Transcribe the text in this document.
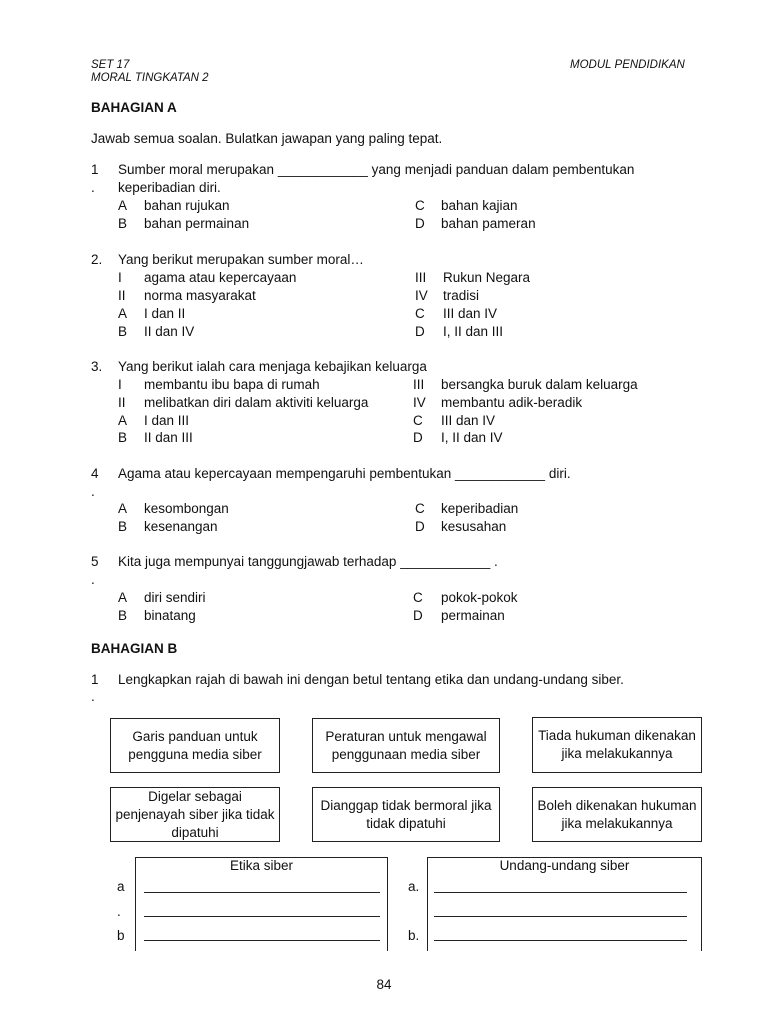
SET 17
MORAL TINGKATAN 2
MODUL PENDIDIKAN
BAHAGIAN A
Jawab semua soalan. Bulatkan jawapan yang paling tepat.
1
.
Sumber moral merupakan ____________ yang menjadi panduan dalam pembentukan
keperibadian diri.
A bahan rujukan	C bahan kajian
B bahan permainan	D bahan pameran
2. Yang berikut merupakan sumber moral…
I agama atau kepercayaan	III Rukun Negara
II norma masyarakat	IV tradisi
A I dan II	C III dan IV
B II dan IV	D I, II dan III
3. Yang berikut ialah cara menjaga kebajikan keluarga
I membantu ibu bapa di rumah	III bersangka buruk dalam keluarga
II melibatkan diri dalam aktiviti keluarga	IV membantu adik-beradik
A I dan III	C III dan IV
B II dan III	D I, II dan IV
4
.
Agama atau kepercayaan mempengaruhi pembentukan ____________ diri.
A kesombongan	C keperibadian
B kesenangan	D kesusahan
5
.
Kita juga mempunyai tanggungjawab terhadap ____________ .
A diri sendiri	C pokok-pokok
B binatang	D permainan
BAHAGIAN B
1
.
Lengkapkan rajah di bawah ini dengan betul tentang etika dan undang-undang siber.
Garis panduan untuk pengguna media siber
Peraturan untuk mengawal penggunaan media siber
Tiada hukuman dikenakan jika melakukannya
Digelar sebagai penjenayah siber jika tidak dipatuhi
Dianggap tidak bermoral jika tidak dipatuhi
Boleh dikenakan hukuman jika melakukannya
Etika siber
a
.
b
Undang-undang siber
a.
b.
84
